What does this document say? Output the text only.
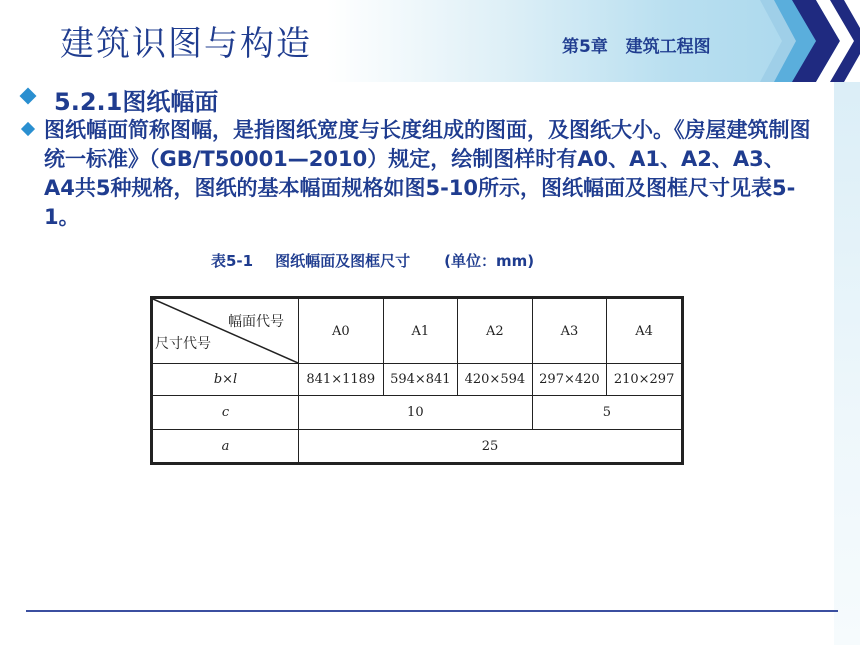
建筑识图与构造	第5章   建筑工程图
5.2.1图纸幅面
图纸幅面简称图幅，是指图纸宽度与长度组成的图面，及图纸大小。《房屋建筑制图统一标准》（GB/T50001—2010）规定，绘制图样时有A0、A1、A2、A3、A4共5种规格，图纸的基本幅面规格如图5-10所示，图纸幅面及图框尺寸见表5-1。
表5-1 图纸幅面及图框尺寸 (单位：mm)
幅面代号
尺寸代号	A0	A1	A2	A3	A4
b×l	841×1189	594×841	420×594	297×420	210×297
c	10			5	
a	25				
